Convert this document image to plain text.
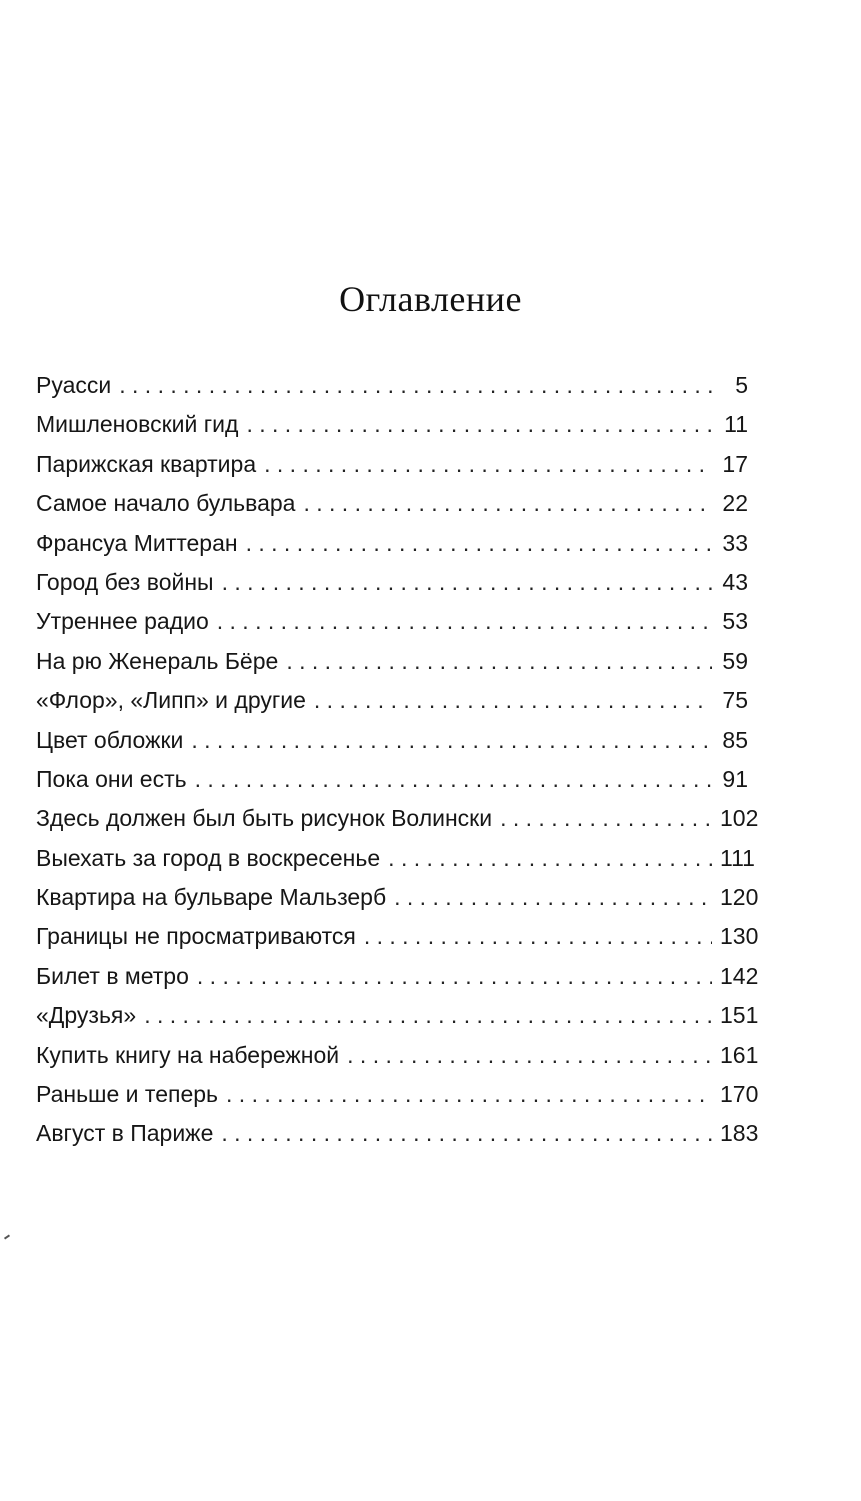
Оглавление
Руасси . . .	5
Мишленовский гид . . .	11
Парижская квартира . . .	17
Самое начало бульвара . . .	22
Франсуа Миттеран . . .	33
Город без войны . . .	43
Утреннее радио . . .	53
На рю Женераль Бёре . . .	59
«Флор», «Липп» и другие . . .	75
Цвет обложки . . .	85
Пока они есть . . .	91
Здесь должен был быть рисунок Волински . . .	102
Выехать за город в воскресенье . . .	111
Квартира на бульваре Мальзерб . . .	120
Границы не просматриваются . . .	130
Билет в метро . . .	142
«Друзья» . . .	151
Купить книгу на набережной . . .	161
Раньше и теперь . . .	170
Август в Париже . . .	183
